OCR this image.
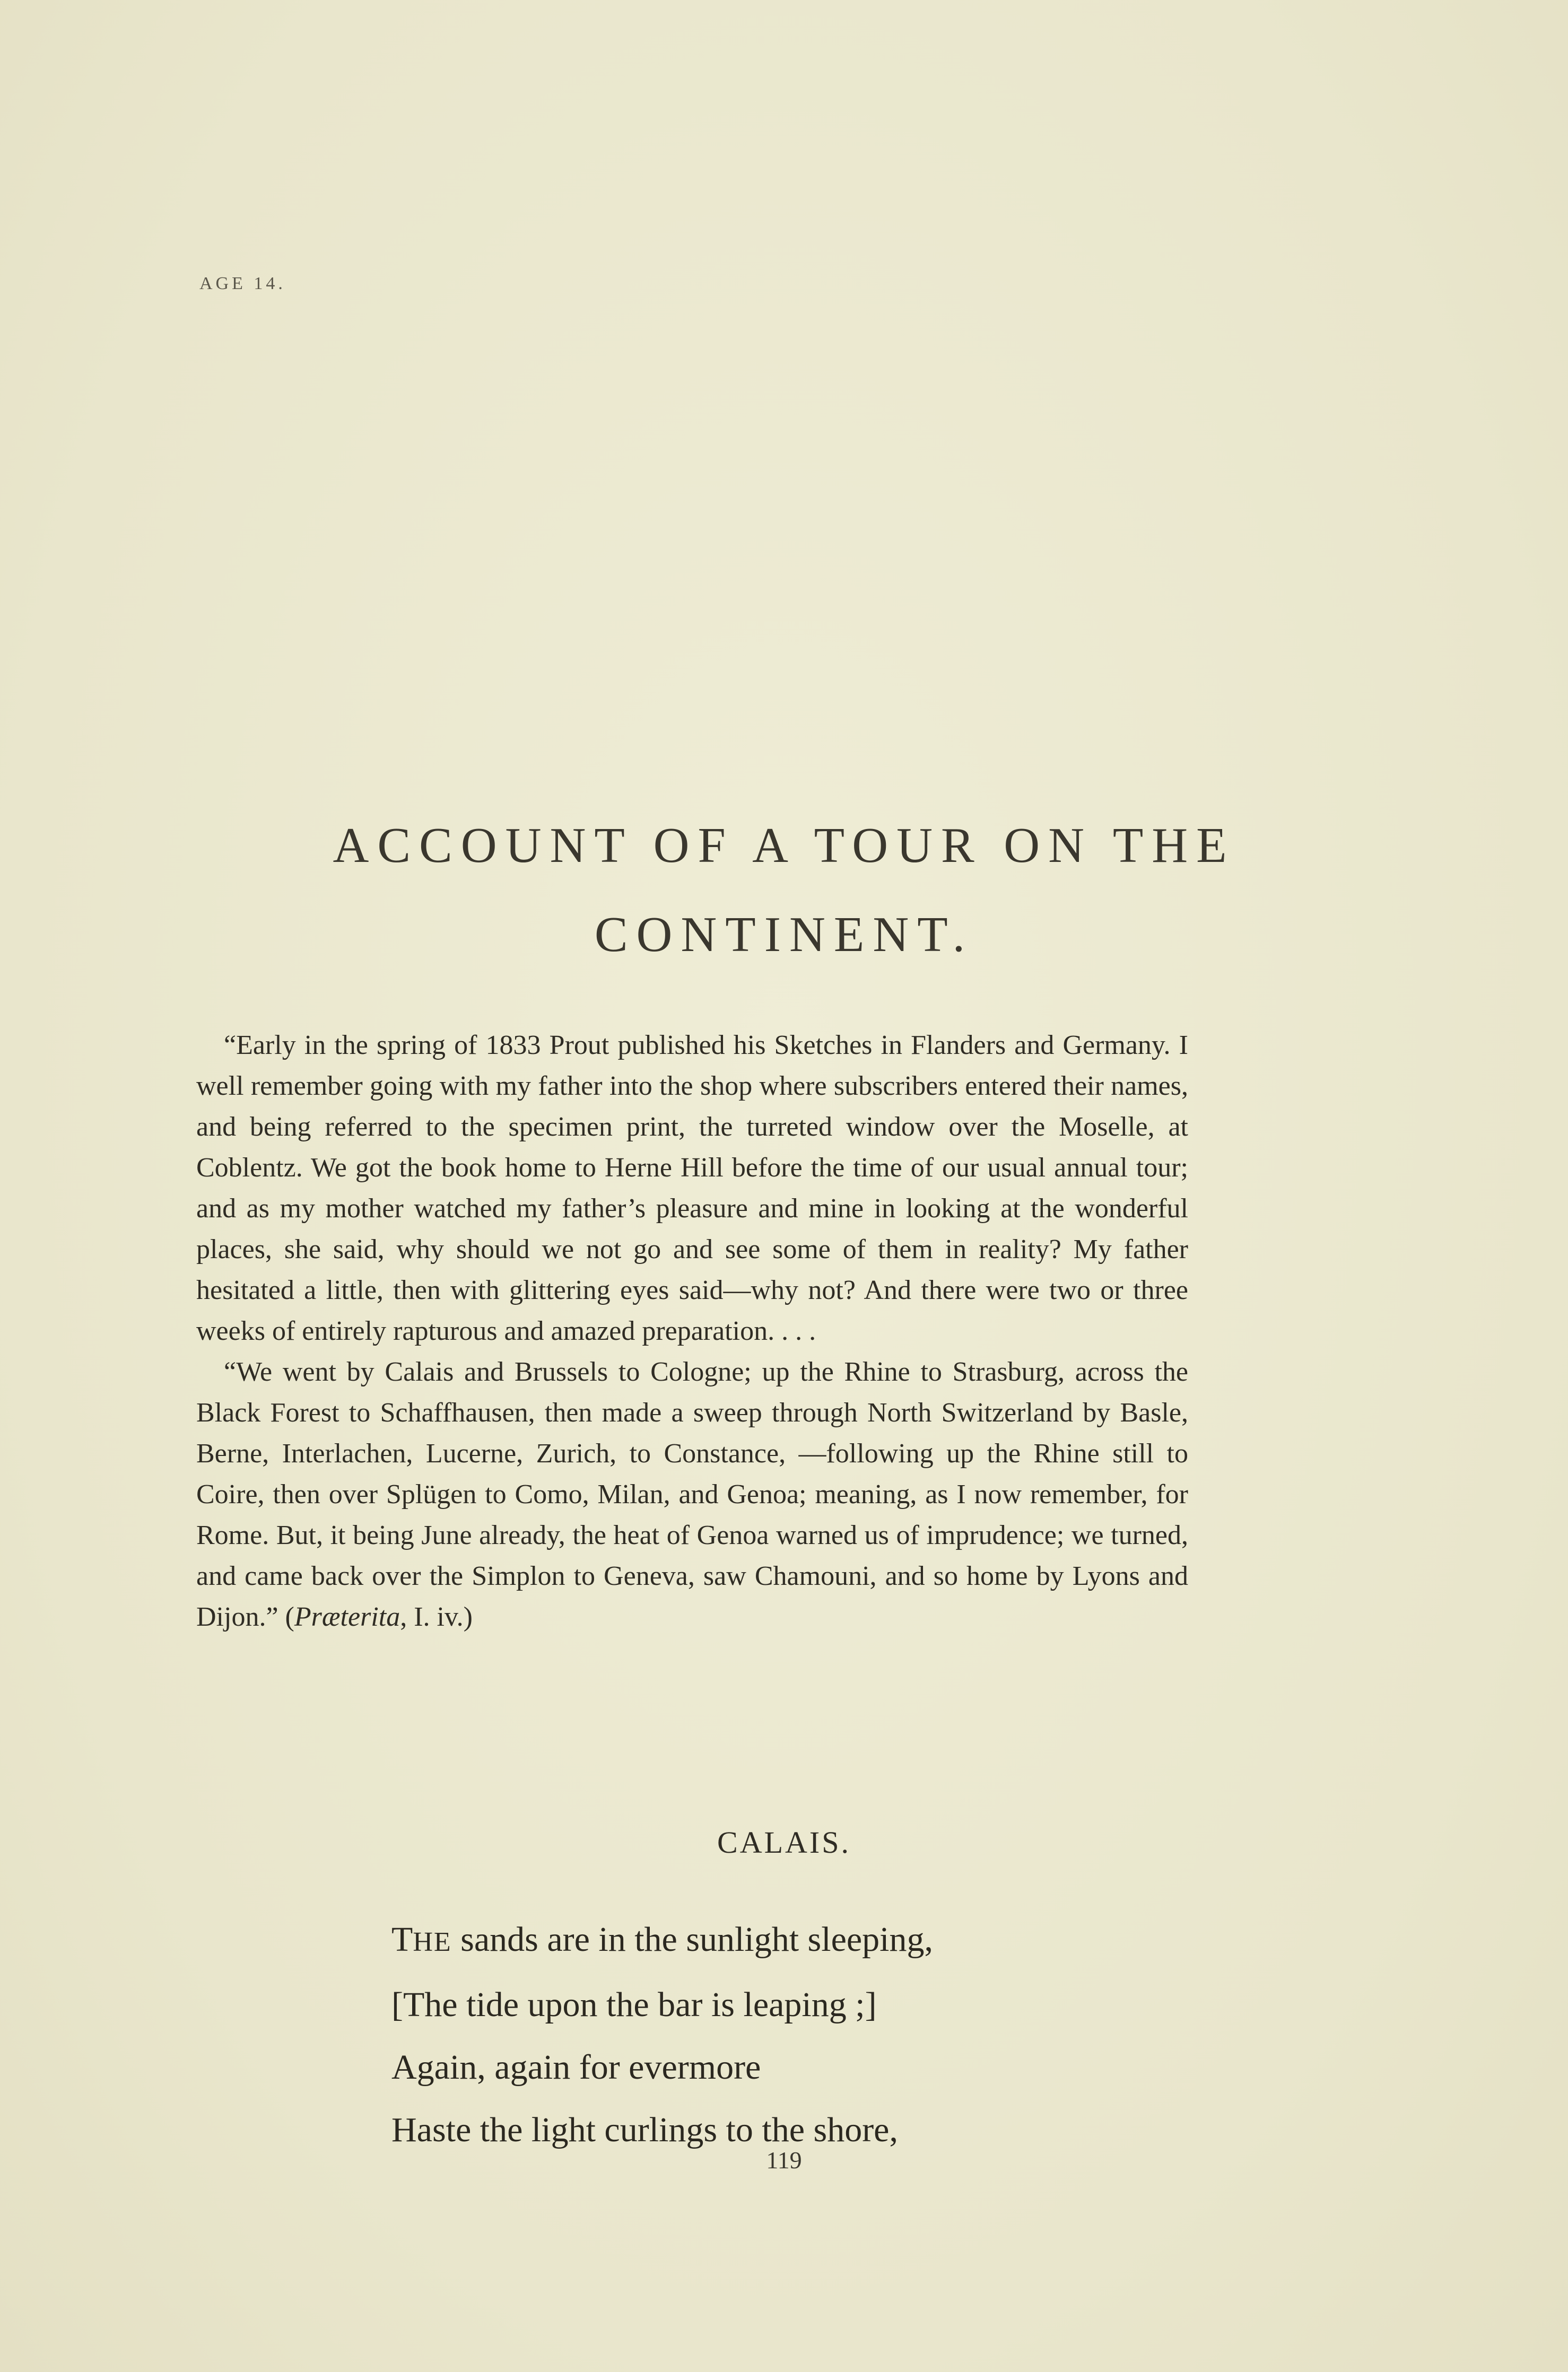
AGE 14.
ACCOUNT OF A TOUR ON THE
CONTINENT.

“Early in the spring of 1833 Prout published his Sketches in Flanders and Germany. I well remember going with my father into the shop where subscribers entered their names, and being referred to the specimen print, the turreted window over the Moselle, at Coblentz. We got the book home to Herne Hill before the time of our usual annual tour; and as my mother watched my father’s pleasure and mine in looking at the wonderful places, she said, why should we not go and see some of them in reality? My father hesitated a little, then with glittering eyes said—why not? And there were two or three weeks of entirely rapturous and amazed preparation. . . .

“We went by Calais and Brussels to Cologne; up the Rhine to Strasburg, across the Black Forest to Schaffhausen, then made a sweep through North Switzerland by Basle, Berne, Interlachen, Lucerne, Zurich, to Constance, —following up the Rhine still to Coire, then over Splügen to Como, Milan, and Genoa; meaning, as I now remember, for Rome. But, it being June already, the heat of Genoa warned us of imprudence; we turned, and came back over the Simplon to Geneva, saw Chamouni, and so home by Lyons and Dijon.” (Præterita, I. iv.)

CALAIS.
THE sands are in the sunlight sleeping,
[The tide upon the bar is leaping ;]
Again, again for evermore
Haste the light curlings to the shore,
119
